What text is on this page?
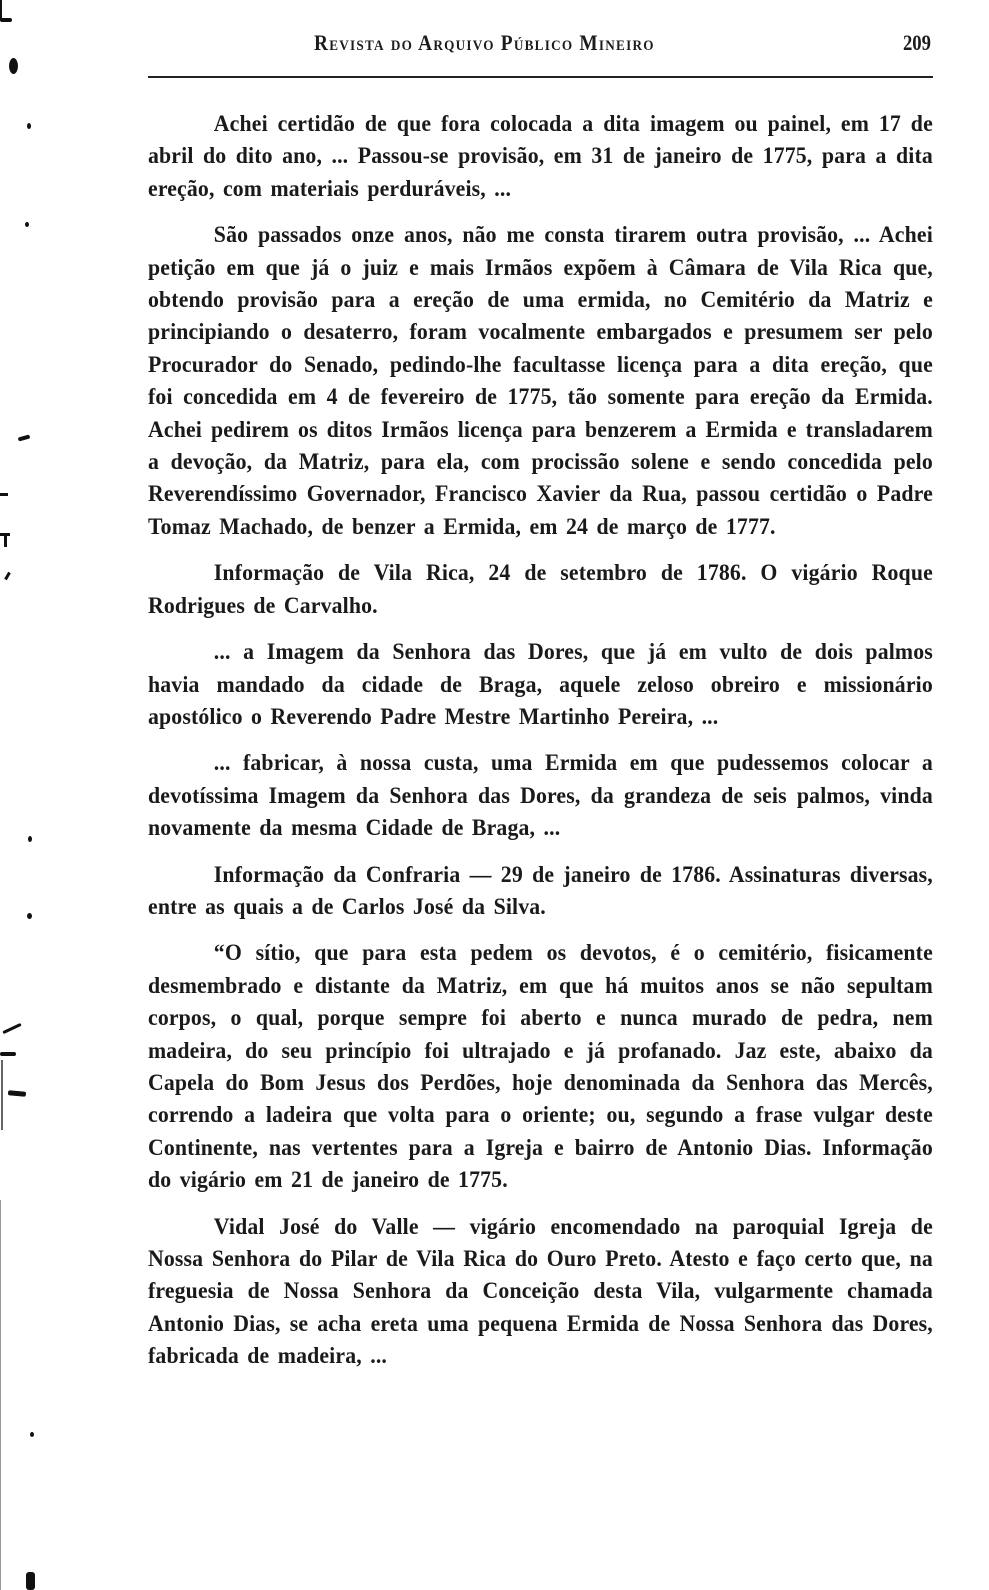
Revista do Arquivo Público Mineiro	209

Achei certidão de que fora colocada a dita imagem ou painel, em 17 de abril do dito ano, ... Passou-se provisão, em 31 de janeiro de 1775, para a dita ereção, com materiais perduráveis, ...

São passados onze anos, não me consta tirarem outra provisão, ... Achei petição em que já o juiz e mais Irmãos expõem à Câmara de Vila Rica que, obtendo provisão para a ereção de uma ermida, no Cemitério da Matriz e principiando o desaterro, foram vocalmente embargados e presumem ser pelo Procurador do Senado, pedindo-lhe facultasse licença para a dita ereção, que foi concedida em 4 de fevereiro de 1775, tão somente para ereção da Ermida. Achei pedirem os ditos Irmãos licença para benzerem a Ermida e transladarem a devoção, da Matriz, para ela, com procissão solene e sendo concedida pelo Reverendíssimo Governador, Francisco Xavier da Rua, passou certidão o Padre Tomaz Machado, de benzer a Ermida, em 24 de março de 1777.

Informação de Vila Rica, 24 de setembro de 1786. O vigário Roque Rodrigues de Carvalho.

... a Imagem da Senhora das Dores, que já em vulto de dois palmos havia mandado da cidade de Braga, aquele zeloso obreiro e missionário apostólico o Reverendo Padre Mestre Martinho Pereira, ...

... fabricar, à nossa custa, uma Ermida em que pudessemos colocar a devotíssima Imagem da Senhora das Dores, da grandeza de seis palmos, vinda novamente da mesma Cidade de Braga, ...

Informação da Confraria — 29 de janeiro de 1786. Assinaturas diversas, entre as quais a de Carlos José da Silva.

“O sítio, que para esta pedem os devotos, é o cemitério, fisicamente desmembrado e distante da Matriz, em que há muitos anos se não sepultam corpos, o qual, porque sempre foi aberto e nunca murado de pedra, nem madeira, do seu princípio foi ultrajado e já profanado. Jaz este, abaixo da Capela do Bom Jesus dos Perdões, hoje denominada da Senhora das Mercês, correndo a ladeira que volta para o oriente; ou, segundo a frase vulgar deste Continente, nas vertentes para a Igreja e bairro de Antonio Dias. Informação do vigário em 21 de janeiro de 1775.

Vidal José do Valle — vigário encomendado na paroquial Igreja de Nossa Senhora do Pilar de Vila Rica do Ouro Preto. Atesto e faço certo que, na freguesia de Nossa Senhora da Conceição desta Vila, vulgarmente chamada Antonio Dias, se acha ereta uma pequena Ermida de Nossa Senhora das Dores, fabricada de madeira, ...
